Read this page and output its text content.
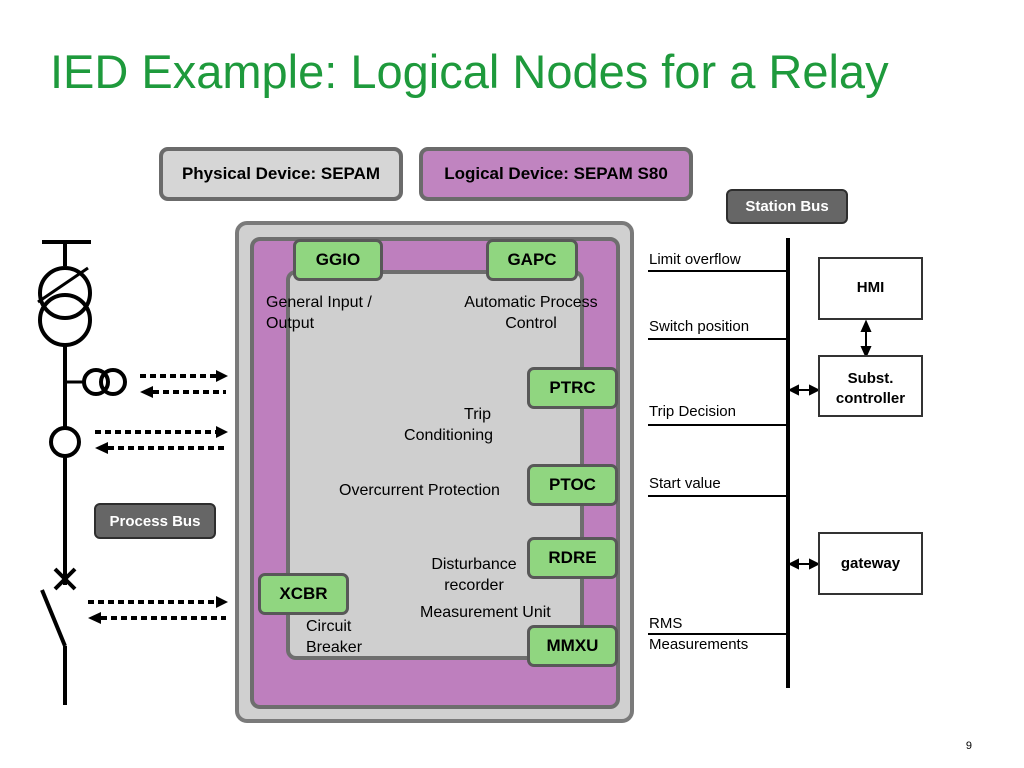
IED Example: Logical Nodes for a Relay
Physical Device: SEPAM	Logical Device: SEPAM S80
Station Bus
Process Bus
GGIO	GAPC
PTRC
PTOC
RDRE
XCBR
MMXU
General Input /
Output
Automatic Process
Control
Trip
Conditioning
Overcurrent Protection
Disturbance
recorder
Measurement Unit
Circuit
Breaker
Limit overflow
Switch position
Trip Decision
Start value
RMS
Measurements
HMI
Subst.
controller
gateway
9
